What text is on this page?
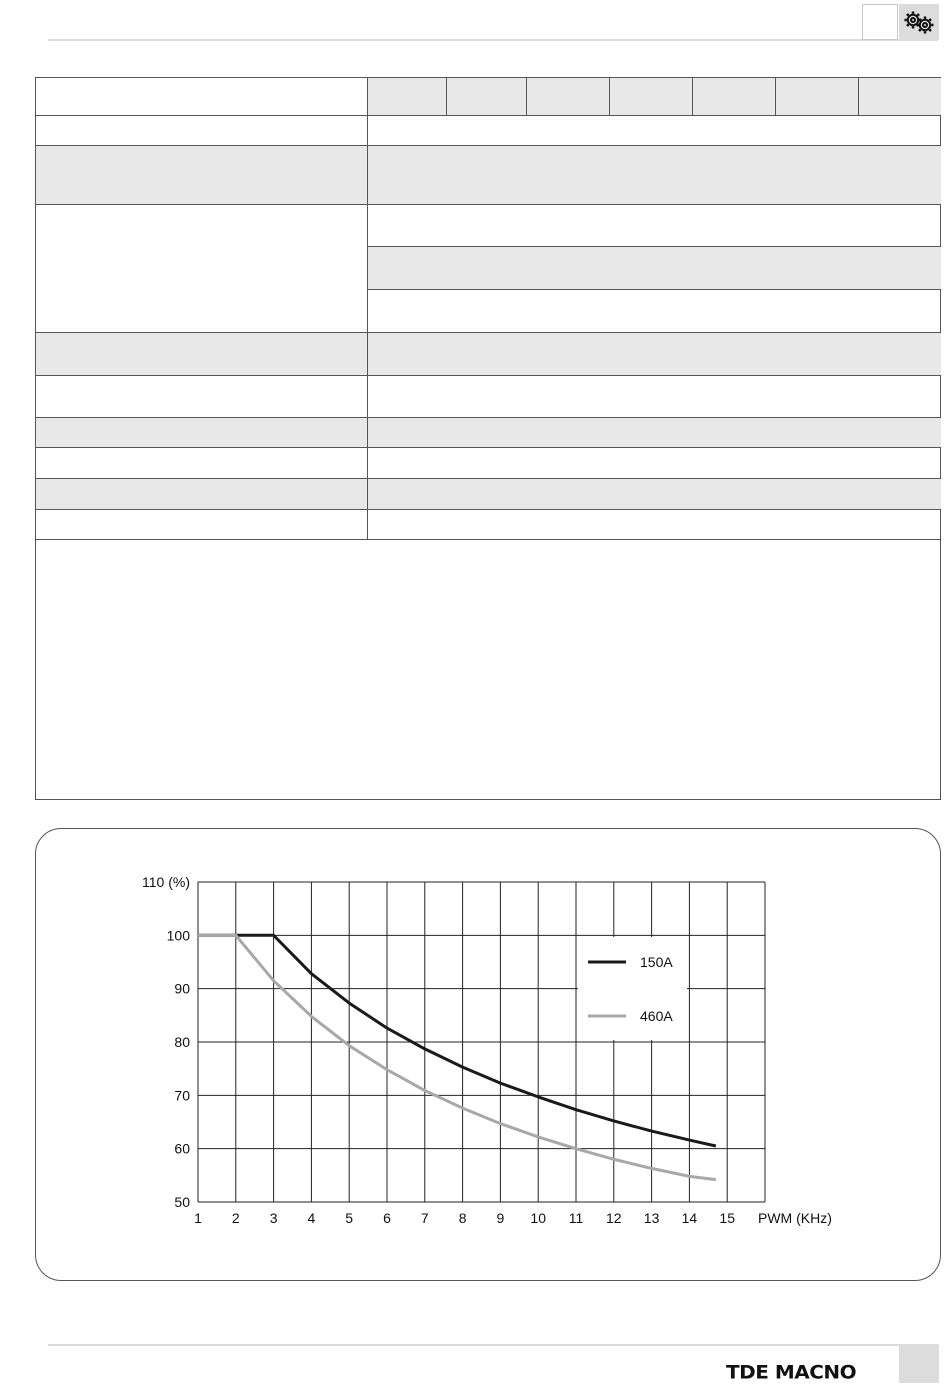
50
60
70
80
90
100
110 (%)
1 2 3 4 5 6 7 8 9 10 11 12 13 14 15 PWM (KHz)
150A
460A
TDE MACNO
